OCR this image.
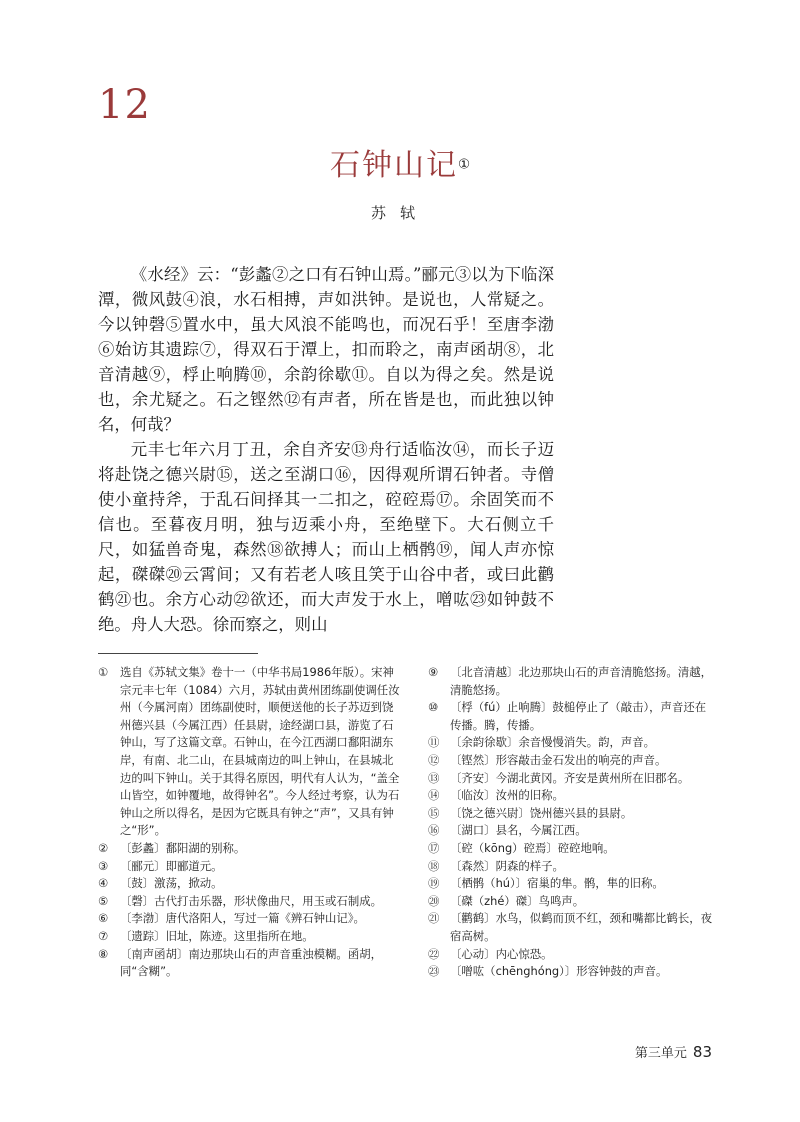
12
石钟山记①
苏轼

《水经》云：“彭蠡②之口有石钟山焉。”郦元③以为下临深潭，微风鼓④浪，水石相搏，声如洪钟。是说也，人常疑之。今以钟磬⑤置水中，虽大风浪不能鸣也，而况石乎！至唐李渤⑥始访其遗踪⑦，得双石于潭上，扣而聆之，南声函胡⑧，北音清越⑨，桴止响腾⑩，余韵徐歇⑪。自以为得之矣。然是说也，余尤疑之。石之铿然⑫有声者，所在皆是也，而此独以钟名，何哉？

元丰七年六月丁丑，余自齐安⑬舟行适临汝⑭，而长子迈将赴饶之德兴尉⑮，送之至湖口⑯，因得观所谓石钟者。寺僧使小童持斧，于乱石间择其一二扣之，硿硿焉⑰。余固笑而不信也。至暮夜月明，独与迈乘小舟，至绝壁下。大石侧立千尺，如猛兽奇鬼，森然⑱欲搏人；而山上栖鹘⑲，闻人声亦惊起，磔磔⑳云霄间；又有若老人咳且笑于山谷中者，或曰此鹳鹤㉑也。余方心动㉒欲还，而大声发于水上，噌吰㉓如钟鼓不绝。舟人大恐。徐而察之，则山

①	选自《苏轼文集》卷十一（中华书局1986年版）。宋神宗元丰七年（1084）六月，苏轼由黄州团练副使调任汝州（今属河南）团练副使时，顺便送他的长子苏迈到饶州德兴县（今属江西）任县尉，途经湖口县，游览了石钟山，写了这篇文章。石钟山，在今江西湖口鄱阳湖东岸，有南、北二山，在县城南边的叫上钟山，在县城北边的叫下钟山。关于其得名原因，明代有人认为，“盖全山皆空，如钟覆地，故得钟名”。今人经过考察，认为石钟山之所以得名，是因为它既具有钟之“声”，又具有钟之“形”。
②	〔彭蠡〕鄱阳湖的别称。
③	〔郦元〕即郦道元。
④	〔鼓〕激荡，掀动。
⑤	〔磬〕古代打击乐器，形状像曲尺，用玉或石制成。
⑥	〔李渤〕唐代洛阳人，写过一篇《辨石钟山记》。
⑦	〔遗踪〕旧址，陈迹。这里指所在地。
⑧	〔南声函胡〕南边那块山石的声音重浊模糊。函胡，同“含糊”。
⑨	〔北音清越〕北边那块山石的声音清脆悠扬。清越，清脆悠扬。
⑩	〔桴（fú）止响腾〕鼓槌停止了（敲击），声音还在传播。腾，传播。
⑪ 〔余韵徐歇〕余音慢慢消失。韵，声音。
⑫ 〔铿然〕形容敲击金石发出的响亮的声音。
⑬ 〔齐安〕今湖北黄冈。齐安是黄州所在旧郡名。
⑭ 〔临汝〕汝州的旧称。
⑮ 〔饶之德兴尉〕饶州德兴县的县尉。
⑯ 〔湖口〕县名，今属江西。
⑰ 〔硿（kōng）硿焉〕硿硿地响。
⑱ 〔森然〕阴森的样子。
⑲ 〔栖鹘（hú）〕宿巢的隼。鹘，隼的旧称。
⑳ 〔磔（zhé）磔〕鸟鸣声。
㉑ 〔鹳鹤〕水鸟，似鹤而顶不红，颈和嘴都比鹤长，夜宿高树。
㉒ 〔心动〕内心惊恐。
㉓ 〔噌吰（chēnghóng）〕形容钟鼓的声音。
第三单元 83
